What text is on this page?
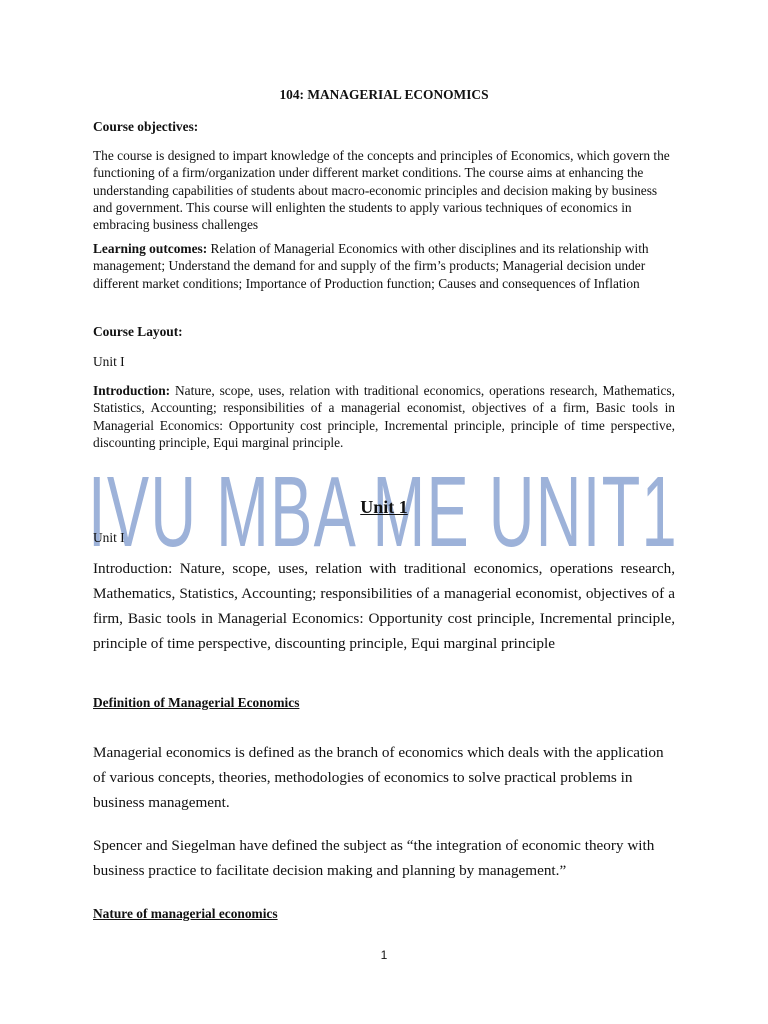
104: MANAGERIAL ECONOMICS

Course objectives:

The course is designed to impart knowledge of the concepts and principles of Economics, which govern the functioning of a firm/organization under different market conditions. The course aims at enhancing the understanding capabilities of students about macro-economic principles and decision making by business and government. This course will enlighten the students to apply various techniques of economics in embracing business challenges

Learning outcomes: Relation of Managerial Economics with other disciplines and its relationship with management; Understand the demand for and supply of the firm’s products; Managerial decision under different market conditions; Importance of Production function; Causes and consequences of Inflation

Course Layout:

Unit I

Introduction: Nature, scope, uses, relation with traditional economics, operations research, Mathematics, Statistics, Accounting; responsibilities of a managerial economist, objectives of a firm, Basic tools in Managerial Economics: Opportunity cost principle, Incremental principle, principle of time perspective, discounting principle, Equi marginal principle.

IVU MBA ME UNIT1

Unit 1

Unit I

Introduction: Nature, scope, uses, relation with traditional economics, operations research, Mathematics, Statistics, Accounting; responsibilities of a managerial economist, objectives of a firm, Basic tools in Managerial Economics: Opportunity cost principle, Incremental principle, principle of time perspective, discounting principle, Equi marginal principle

Definition of Managerial Economics

Managerial economics is defined as the branch of economics which deals with the application of various concepts, theories, methodologies of economics to solve practical problems in business management.

Spencer and Siegelman have defined the subject as “the integration of economic theory with business practice to facilitate decision making and planning by management.”

Nature of managerial economics

1
